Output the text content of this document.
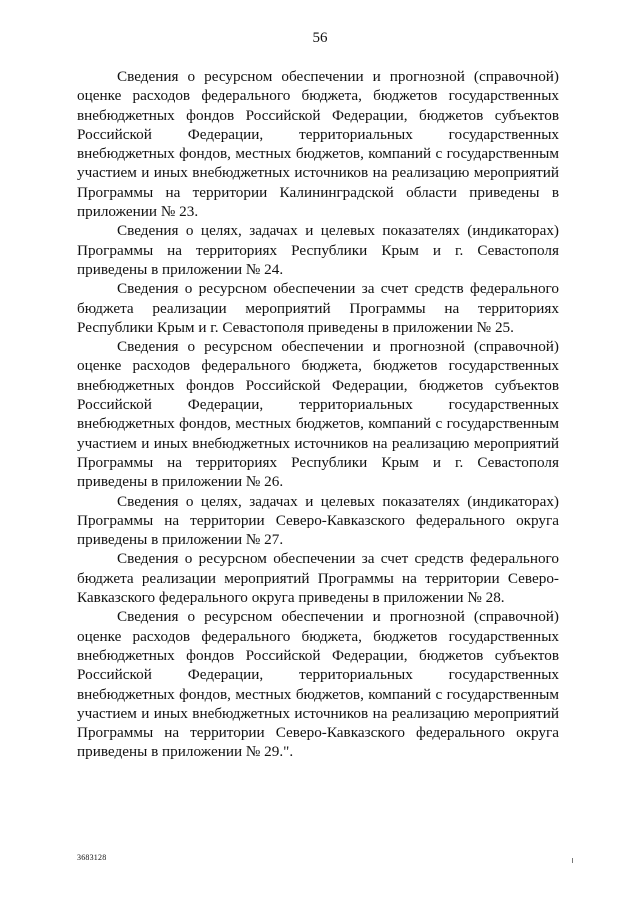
56

Сведения о ресурсном обеспечении и прогнозной (справочной) оценке расходов федерального бюджета, бюджетов государственных внебюджетных фондов Российской Федерации, бюджетов субъектов Российской Федерации, территориальных государственных внебюджетных фондов, местных бюджетов, компаний с государственным участием и иных внебюджетных источников на реализацию мероприятий Программы на территории Калининградской области приведены в приложении № 23.

Сведения о целях, задачах и целевых показателях (индикаторах) Программы на территориях Республики Крым и г. Севастополя приведены в приложении № 24.

Сведения о ресурсном обеспечении за счет средств федерального бюджета реализации мероприятий Программы на территориях Республики Крым и г. Севастополя приведены в приложении № 25.

Сведения о ресурсном обеспечении и прогнозной (справочной) оценке расходов федерального бюджета, бюджетов государственных внебюджетных фондов Российской Федерации, бюджетов субъектов Российской Федерации, территориальных государственных внебюджетных фондов, местных бюджетов, компаний с государственным участием и иных внебюджетных источников на реализацию мероприятий Программы на территориях Республики Крым и г. Севастополя приведены в приложении № 26.

Сведения о целях, задачах и целевых показателях (индикаторах) Программы на территории Северо-Кавказского федерального округа приведены в приложении № 27.

Сведения о ресурсном обеспечении за счет средств федерального бюджета реализации мероприятий Программы на территории Северо-Кавказского федерального округа приведены в приложении № 28.

Сведения о ресурсном обеспечении и прогнозной (справочной) оценке расходов федерального бюджета, бюджетов государственных внебюджетных фондов Российской Федерации, бюджетов субъектов Российской Федерации, территориальных государственных внебюджетных фондов, местных бюджетов, компаний с государственным участием и иных внебюджетных источников на реализацию мероприятий Программы на территории Северо-Кавказского федерального округа приведены в приложении № 29.".

3683128
